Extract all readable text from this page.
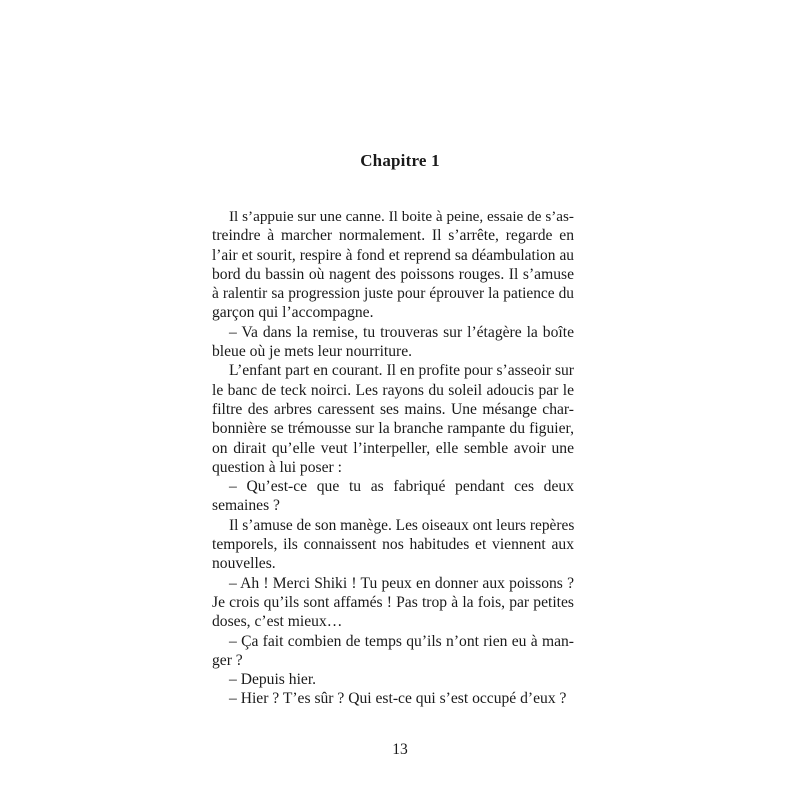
Chapitre 1
Il s’appuie sur une canne. Il boite à peine, essaie de s’as-
treindre à marcher normalement. Il s’arrête, regarde en
l’air et sourit, respire à fond et reprend sa déambulation au
bord du bassin où nagent des poissons rouges. Il s’amuse
à ralentir sa progression juste pour éprouver la patience du
garçon qui l’accompagne.
– Va dans la remise, tu trouveras sur l’étagère la boîte
bleue où je mets leur nourriture.
L’enfant part en courant. Il en profite pour s’asseoir sur
le banc de teck noirci. Les rayons du soleil adoucis par le
filtre des arbres caressent ses mains. Une mésange char-
bonnière se trémousse sur la branche rampante du figuier,
on dirait qu’elle veut l’interpeller, elle semble avoir une
question à lui poser :
– Qu’est-ce que tu as fabriqué pendant ces deux
semaines ?
Il s’amuse de son manège. Les oiseaux ont leurs repères
temporels, ils connaissent nos habitudes et viennent aux
nouvelles.
– Ah ! Merci Shiki ! Tu peux en donner aux poissons ?
Je crois qu’ils sont affamés ! Pas trop à la fois, par petites
doses, c’est mieux…
– Ça fait combien de temps qu’ils n’ont rien eu à man-
ger ?
– Depuis hier.
– Hier ? T’es sûr ? Qui est-ce qui s’est occupé d’eux ?
13
